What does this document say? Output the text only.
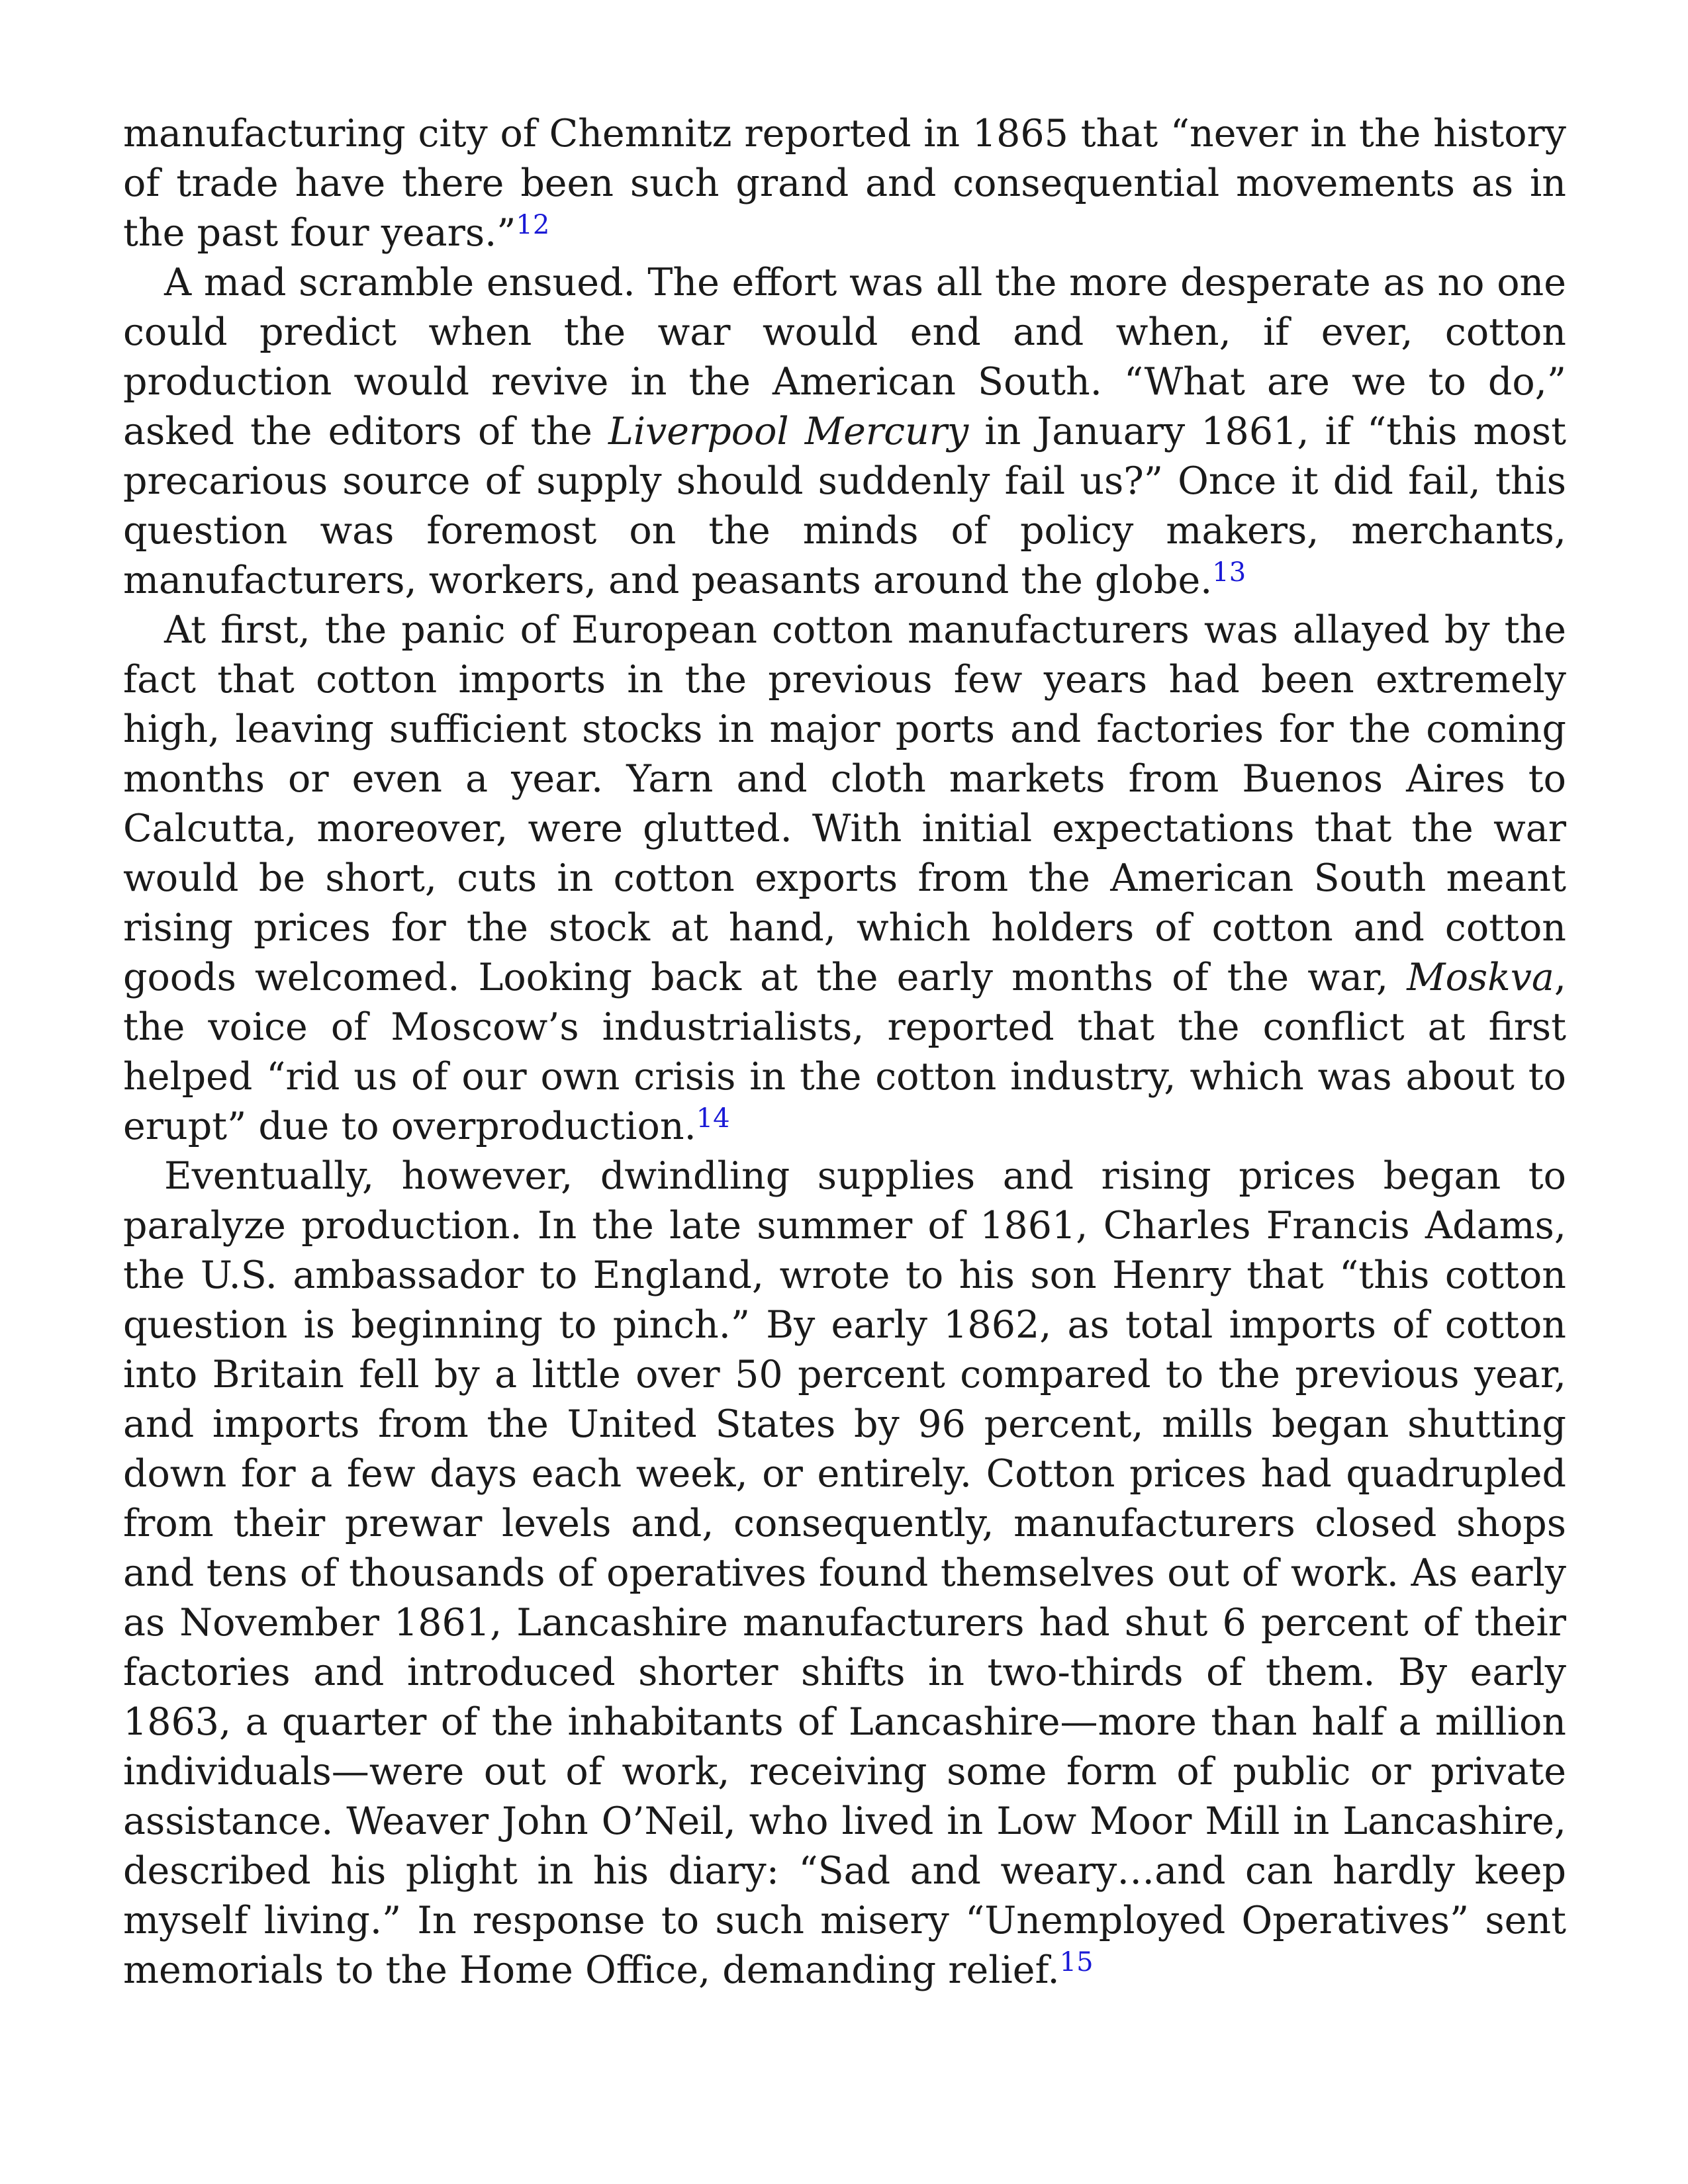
manufacturing city of Chemnitz reported in 1865 that “never in the history of trade have there been such grand and consequential movements as in the past four years.”$^{12}$

A mad scramble ensued. The effort was all the more desperate as no one could predict when the war would end and when, if ever, cotton production would revive in the American South. “What are we to do,” asked the editors of the Liverpool Mercury in January 1861, if “this most precarious source of supply should suddenly fail us?” Once it did fail, this question was foremost on the minds of policy makers, merchants, manufacturers, workers, and peasants around the globe.$^{13}$

At first, the panic of European cotton manufacturers was allayed by the fact that cotton imports in the previous few years had been extremely high, leaving sufficient stocks in major ports and factories for the coming months or even a year. Yarn and cloth markets from Buenos Aires to Calcutta, moreover, were glutted. With initial expectations that the war would be short, cuts in cotton exports from the American South meant rising prices for the stock at hand, which holders of cotton and cotton goods welcomed. Looking back at the early months of the war, Moskva, the voice of Moscow’s industrialists, reported that the conflict at first helped “rid us of our own crisis in the cotton industry, which was about to erupt” due to overproduction.$^{14}$

Eventually, however, dwindling supplies and rising prices began to paralyze production. In the late summer of 1861, Charles Francis Adams, the U.S. ambassador to England, wrote to his son Henry that “this cotton question is beginning to pinch.” By early 1862, as total imports of cotton into Britain fell by a little over 50 percent compared to the previous year, and imports from the United States by 96 percent, mills began shutting down for a few days each week, or entirely. Cotton prices had quadrupled from their prewar levels and, consequently, manufacturers closed shops and tens of thousands of operatives found themselves out of work. As early as November 1861, Lancashire manufacturers had shut 6 percent of their factories and introduced shorter shifts in two-thirds of them. By early 1863, a quarter of the inhabitants of Lancashire—more than half a million individuals—were out of work, receiving some form of public or private assistance. Weaver John O’Neil, who lived in Low Moor Mill in Lancashire, described his plight in his diary: “Sad and weary…and can hardly keep myself living.” In response to such misery “Unemployed Operatives” sent memorials to the Home Office, demanding relief.$^{15}$
